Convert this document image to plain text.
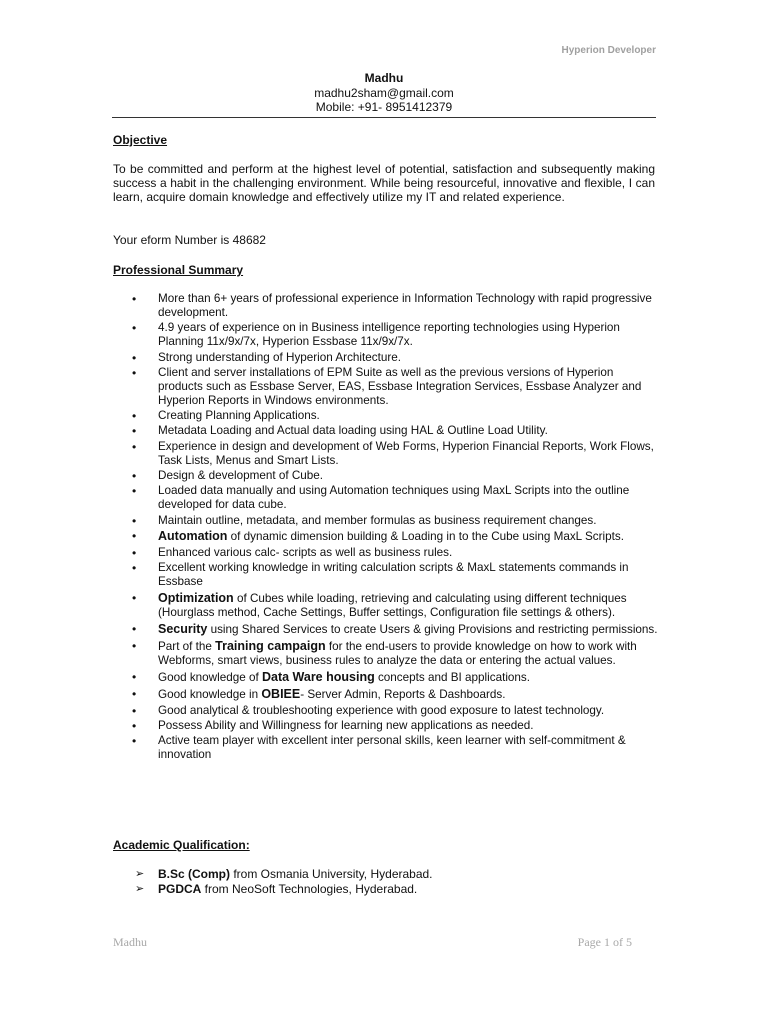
Hyperion Developer
Madhu
madhu2sham@gmail.com
Mobile: +91- 8951412379
Objective

To be committed and perform at the highest level of potential, satisfaction and subsequently making success a habit in the challenging environment. While being resourceful, innovative and flexible, I can learn, acquire domain knowledge and effectively utilize my IT and related experience.

Your eform Number is 48682
Professional Summary
• More than 6+ years of professional experience in Information Technology with rapid progressive development.
• 4.9 years of experience on in Business intelligence reporting technologies using Hyperion Planning 11x/9x/7x, Hyperion Essbase 11x/9x/7x.
• Strong understanding of Hyperion Architecture.
• Client and server installations of EPM Suite as well as the previous versions of Hyperion products such as Essbase Server, EAS, Essbase Integration Services, Essbase Analyzer and Hyperion Reports in Windows environments.
• Creating Planning Applications.
• Metadata Loading and Actual data loading using HAL & Outline Load Utility.
• Experience in design and development of Web Forms, Hyperion Financial Reports, Work Flows, Task Lists, Menus and Smart Lists.
• Design & development of Cube.
• Loaded data manually and using Automation techniques using MaxL Scripts into the outline developed for data cube.
• Maintain outline, metadata, and member formulas as business requirement changes.
• Automation of dynamic dimension building & Loading in to the Cube using MaxL Scripts.
• Enhanced various calc- scripts as well as business rules.
• Excellent working knowledge in writing calculation scripts & MaxL statements commands in Essbase
• Optimization of Cubes while loading, retrieving and calculating using different techniques (Hourglass method, Cache Settings, Buffer settings, Configuration file settings & others).
• Security using Shared Services to create Users & giving Provisions and restricting permissions.
• Part of the Training campaign for the end-users to provide knowledge on how to work with Webforms, smart views, business rules to analyze the data or entering the actual values.
• Good knowledge of Data Ware housing concepts and BI applications.
• Good knowledge in OBIEE- Server Admin, Reports & Dashboards.
• Good analytical & troubleshooting experience with good exposure to latest technology.
• Possess Ability and Willingness for learning new applications as needed.
• Active team player with excellent inter personal skills, keen learner with self-commitment & innovation
Academic Qualification:
➢ B.Sc (Comp) from Osmania University, Hyderabad.
➢ PGDCA from NeoSoft Technologies, Hyderabad.
Madhu	Page 1 of 5
